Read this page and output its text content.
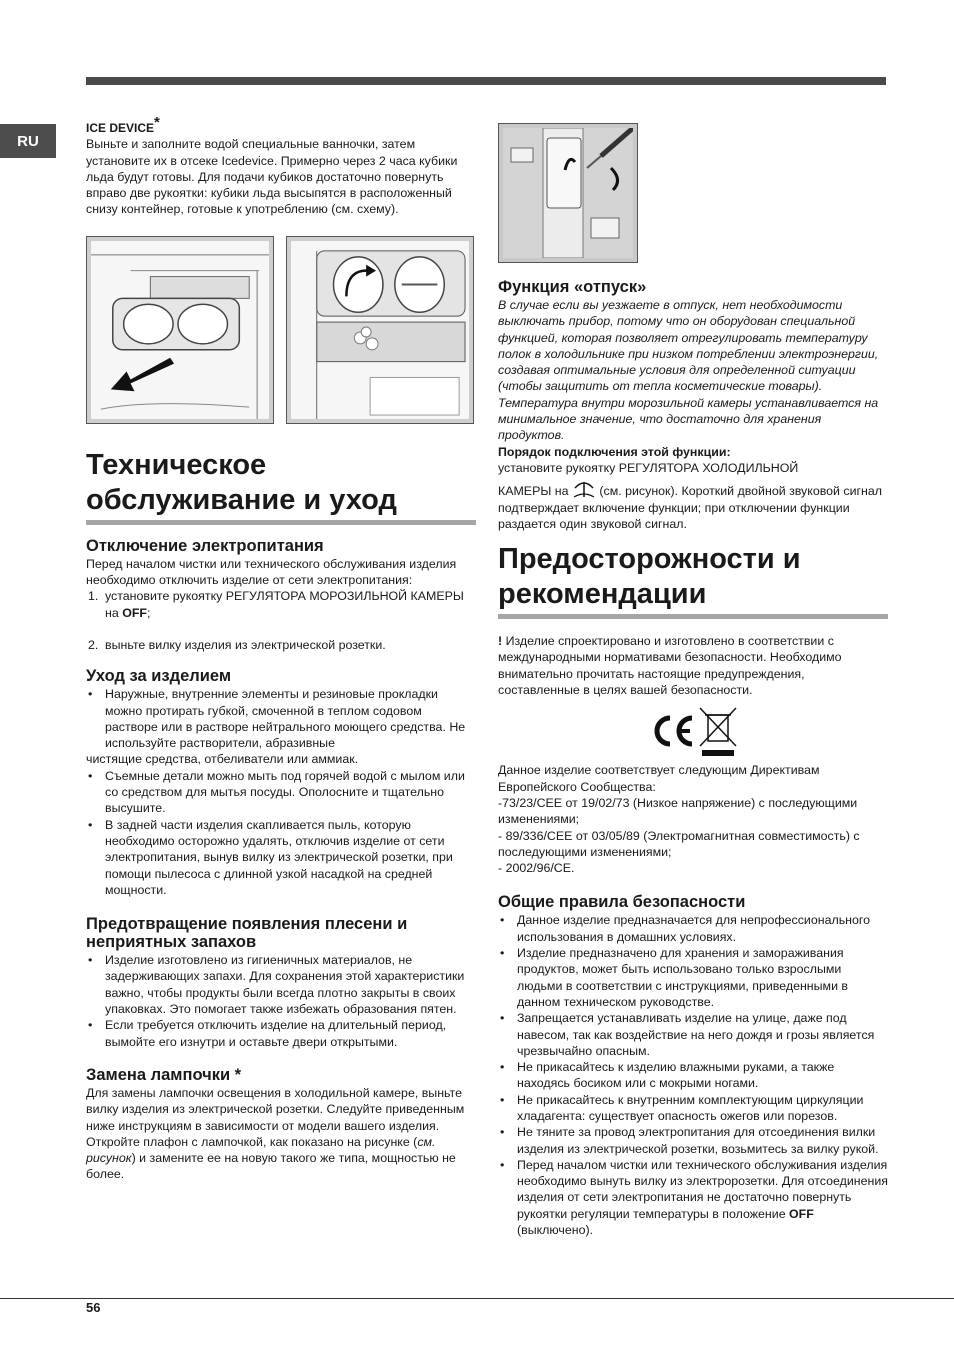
RU

ICE DEVICE*

Выньте и заполните водой специальные ванночки, затем установите их в отсеке Icedevice. Примерно через 2 часа кубики льда будут готовы. Для подачи кубиков достаточно повернуть вправо две рукоятки: кубики льда высыпятся в расположенный снизу контейнер, готовые к употреблению (см. схему).

Техническое обслуживание и уход
Отключение электропитания

Перед началом чистки или технического обслуживания изделия необходимо отключить изделие от сети электропитания:

1. установите рукоятку РЕГУЛЯТОРА МОРОЗИЛЬНОЙ КАМЕРЫ на OFF;
2. выньте вилку изделия из электрической розетки.
Уход за изделием
• Наружные, внутренние элементы и резиновые прокладки можно протирать губкой, смоченной в теплом содовом растворе или в растворе нейтрального моющего средства. Не используйте растворители, абразивные
чистящие средства, отбеливатели или аммиак.
• Съемные детали можно мыть под горячей водой с мылом или со средством для мытья посуды. Ополосните и тщательно высушите.
• В задней части изделия скапливается пыль, которую необходимо осторожно удалять, отключив изделие от сети электропитания, вынув вилку из электрической розетки, при помощи пылесоса с длинной узкой насадкой на средней мощности.
Предотвращение появления плесени и неприятных запахов
• Изделие изготовлено из гигиеничных материалов, не задерживающих запахи. Для сохранения этой характеристики важно, чтобы продукты были всегда плотно закрыты в своих упаковках. Это помогает также избежать образования пятен.
• Если требуется отключить изделие на длительный период, вымойте его изнутри и оставьте двери открытыми.
Замена лампочки *

Для замены лампочки освещения в холодильной камере, выньте вилку изделия из электрической розетки. Следуйте приведенным ниже инструкциям в зависимости от модели вашего изделия. Откройте плафон с лампочкой, как показано на рисунке (см. рисунок) и замените ее на новую такого же типа, мощностью не более.

Функция «отпуск»

В случае если вы уезжаете в отпуск, нет необходимости выключать прибор, потому что он оборудован специальной функцией, которая позволяет отрегулировать температуру полок в холодильнике при низком потреблении электроэнергии, создавая оптимальные условия для определенной ситуации (чтобы защитить от тепла косметические товары). Температура внутри морозильной камеры устанавливается на минимальное значение, что достаточно для хранения продуктов.

Порядок подключения этой функции:

установите рукоятку РЕГУЛЯТОРА ХОЛОДИЛЬНОЙ

КАМЕРЫ на (см. рисунок). Короткий двойной звуковой сигнал подтверждает включение функции; при отключении функции раздается один звуковой сигнал.

Предосторожности и рекомендации

! Изделие спроектировано и изготовлено в соответствии с международными нормативами безопасности. Необходимо внимательно прочитать настоящие предупреждения, составленные в целях вашей безопасности.

Данное изделие соответствует следующим Директивам Европейского Сообщества:

-73/23/CEE от 19/02/73 (Низкое напряжение) с последующими изменениями;

- 89/336/CEE от 03/05/89 (Электромагнитная совместимость) с последующими изменениями;

- 2002/96/CE.

Общие правила безопасности
• Данное изделие предназначается для непрофессионального использования в домашних условиях.
• Изделие предназначено для хранения и замораживания продуктов, может быть использовано только взрослыми людьми в соответствии с инструкциями, приведенными в данном техническом руководстве.
• Запрещается устанавливать изделие на улице, даже под навесом, так как воздействие на него дождя и грозы является чрезвычайно опасным.
• Не прикасайтесь к изделию влажными руками, а также находясь босиком или с мокрыми ногами.
• Не прикасайтесь к внутренним комплектующим циркуляции хладагента: существует опасность ожегов или порезов.
• Не тяните за провод электропитания для отсоединения вилки изделия из электрической розетки, возьмитесь за вилку рукой.
• Перед началом чистки или технического обслуживания изделия необходимо вынуть вилку из электророзетки. Для отсоединения изделия от сети электропитания не достаточно повернуть рукоятки регуляции температуры в положение OFF (выключено).
56
